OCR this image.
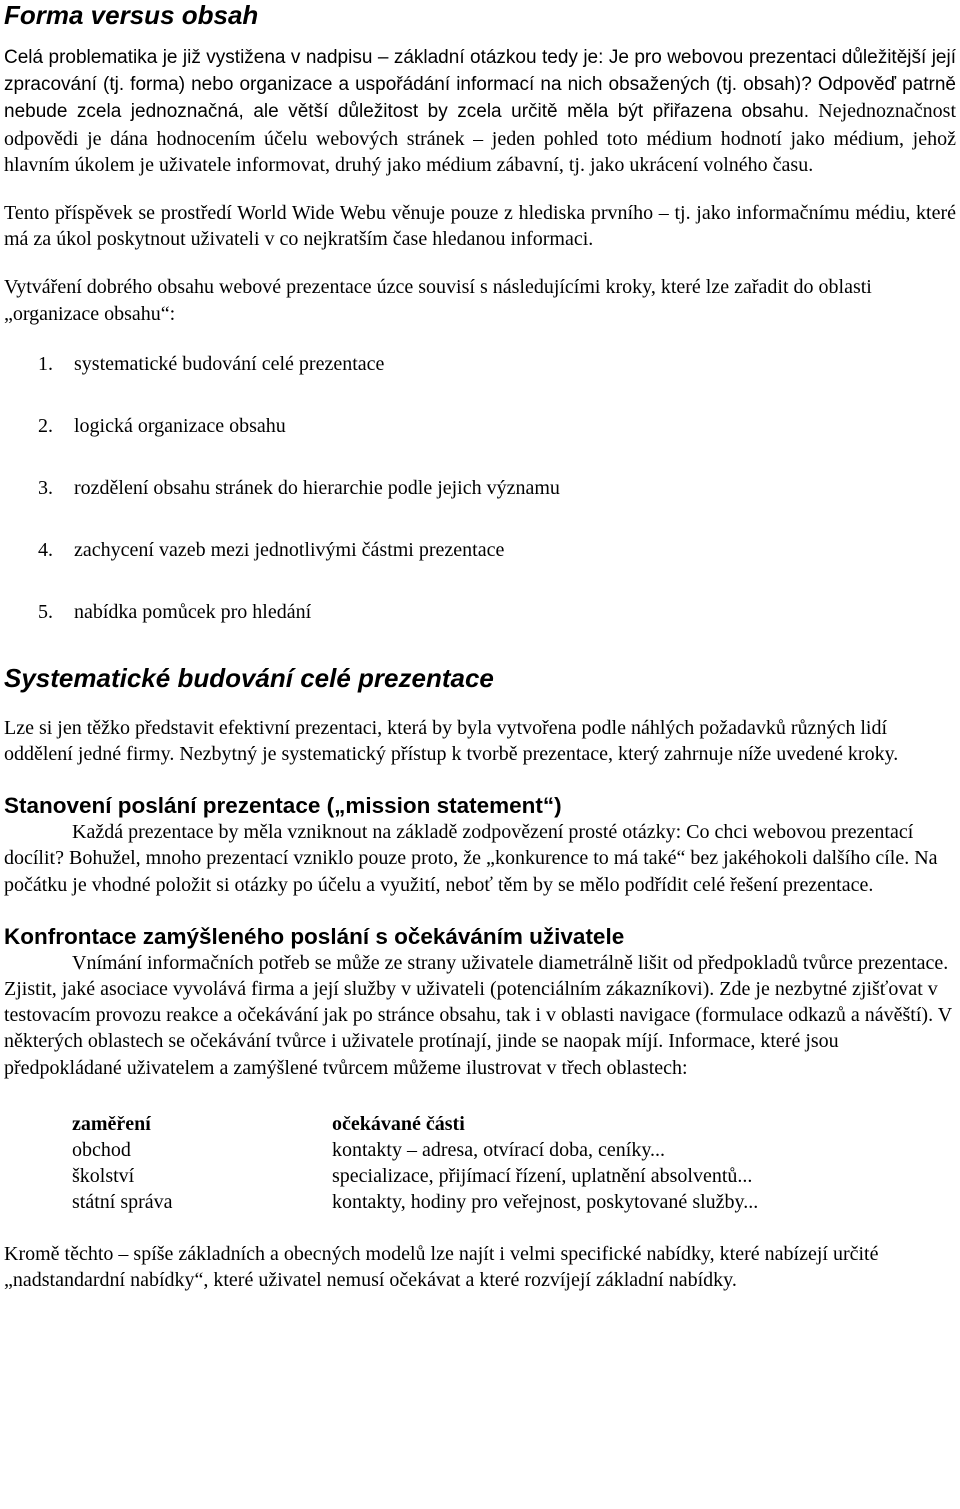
Forma versus obsah

Celá problematika je již vystižena v nadpisu – základní otázkou tedy je: Je pro webovou prezentaci důležitější její zpracování (tj. forma) nebo organizace a uspořádání informací na nich obsažených (tj. obsah)? Odpověď patrně nebude zcela jednoznačná, ale větší důležitost by zcela určitě měla být přiřazena obsahu. Nejednoznačnost odpovědi je dána hodnocením účelu webových stránek – jeden pohled toto médium hodnotí jako médium, jehož hlavním úkolem je uživatele informovat, druhý jako médium zábavní, tj. jako ukrácení volného času.

Tento příspěvek se prostředí World Wide Webu věnuje pouze z hlediska prvního – tj. jako informačnímu médiu, které má za úkol poskytnout uživateli v co nejkratším čase hledanou informaci.

Vytváření dobrého obsahu webové prezentace úzce souvisí s následujícími kroky, které lze zařadit do oblasti „organizace obsahu“:

1. systematické budování celé prezentace
2. logická organizace obsahu
3. rozdělení obsahu stránek do hierarchie podle jejich významu
4. zachycení vazeb mezi jednotlivými částmi prezentace
5. nabídka pomůcek pro hledání
Systematické budování celé prezentace

Lze si jen těžko představit efektivní prezentaci, která by byla vytvořena podle náhlých požadavků různých lidí oddělení jedné firmy. Nezbytný je systematický přístup k tvorbě prezentace, který zahrnuje níže uvedené kroky.

Stanovení poslání prezentace („mission statement“)

Každá prezentace by měla vzniknout na základě zodpovězení prosté otázky: Co chci webovou prezentací docílit? Bohužel, mnoho prezentací vzniklo pouze proto, že „konkurence to má také“ bez jakéhokoli dalšího cíle. Na počátku je vhodné položit si otázky po účelu a využití, neboť těm by se mělo podřídit celé řešení prezentace.

Konfrontace zamýšleného poslání s očekáváním uživatele

Vnímání informačních potřeb se může ze strany uživatele diametrálně lišit od předpokladů tvůrce prezentace. Zjistit, jaké asociace vyvolává firma a její služby v uživateli (potenciálním zákazníkovi). Zde je nezbytné zjišťovat v testovacím provozu reakce a očekávání jak po stránce obsahu, tak i v oblasti navigace (formulace odkazů a návěští). V některých oblastech se očekávání tvůrce i uživatele protínají, jinde se naopak míjí. Informace, které jsou předpokládané uživatelem a zamýšlené tvůrcem můžeme ilustrovat v třech oblastech:

zaměření	očekávané části
obchod	kontakty – adresa, otvírací doba, ceníky...
školství	specializace, přijímací řízení, uplatnění absolventů...
státní správa	kontakty, hodiny pro veřejnost, poskytované služby...

Kromě těchto – spíše základních a obecných modelů lze najít i velmi specifické nabídky, které nabízejí určité „nadstandardní nabídky“, které uživatel nemusí očekávat a které rozvíjejí základní nabídky.
